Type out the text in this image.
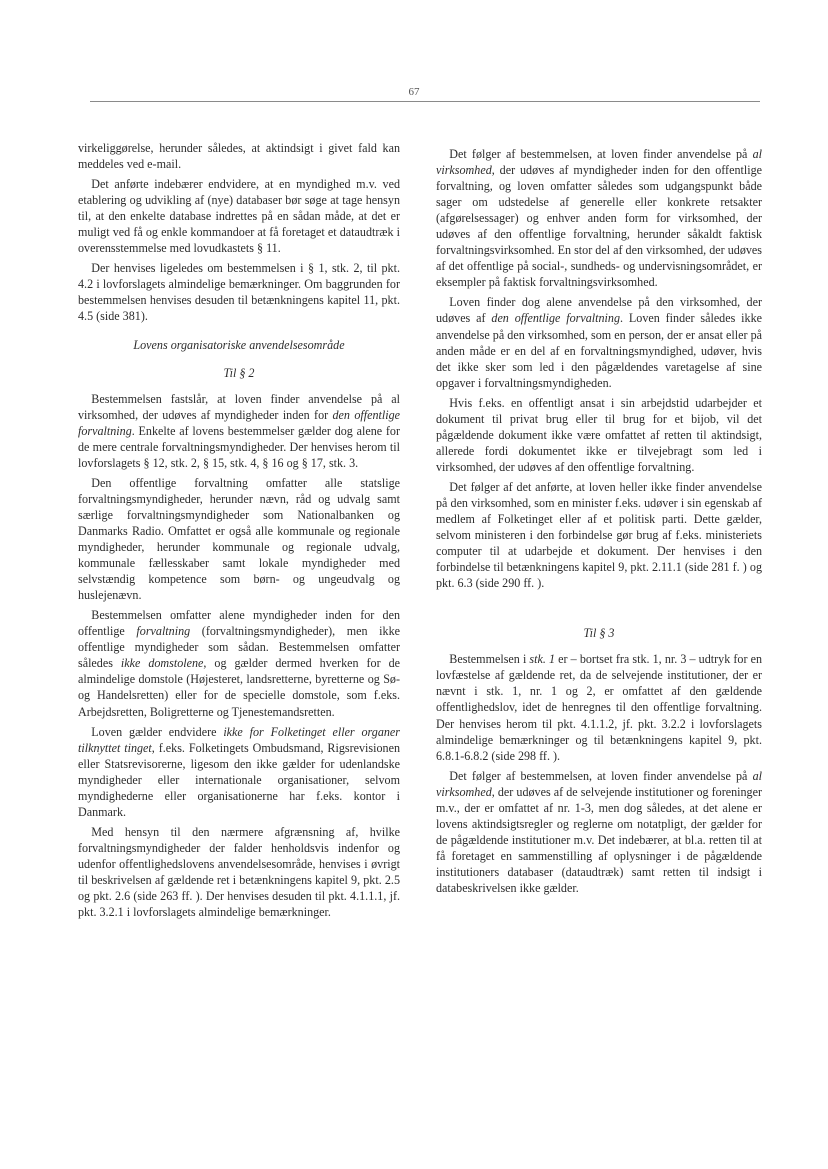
67

virkeliggørelse, herunder således, at aktindsigt i givet fald kan meddeles ved e-mail.

Det anførte indebærer endvidere, at en myndighed m.v. ved etablering og udvikling af (nye) databaser bør søge at tage hensyn til, at den enkelte database indrettes på en sådan måde, at det er muligt ved få og enkle kommandoer at få foretaget et dataudtræk i overensstemmelse med lovudkastets § 11.

Der henvises ligeledes om bestemmelsen i § 1, stk. 2, til pkt. 4.2 i lovforslagets almindelige bemærkninger. Om baggrunden for bestemmelsen henvises desuden til betænkningens kapitel 11, pkt. 4.5 (side 381).

Lovens organisatoriske anvendelsesområde

Til § 2

Bestemmelsen fastslår, at loven finder anvendelse på al virksomhed, der udøves af myndigheder inden for den offentlige forvaltning. Enkelte af lovens bestemmelser gælder dog alene for de mere centrale forvaltningsmyndigheder. Der henvises herom til lovforslagets § 12, stk. 2, § 15, stk. 4, § 16 og § 17, stk. 3.

Den offentlige forvaltning omfatter alle statslige forvaltningsmyndigheder, herunder nævn, råd og udvalg samt særlige forvaltningsmyndigheder som Nationalbanken og Danmarks Radio. Omfattet er også alle kommunale og regionale myndigheder, herunder kommunale og regionale udvalg, kommunale fællesskaber samt lokale myndigheder med selvstændig kompetence som børn- og ungeudvalg og huslejenævn.

Bestemmelsen omfatter alene myndigheder inden for den offentlige forvaltning (forvaltningsmyndigheder), men ikke offentlige myndigheder som sådan. Bestemmelsen omfatter således ikke domstolene, og gælder dermed hverken for de almindelige domstole (Højesteret, landsretterne, byretterne og Sø- og Handelsretten) eller for de specielle domstole, som f.eks. Arbejdsretten, Boligretterne og Tjenestemandsretten.

Loven gælder endvidere ikke for Folketinget eller organer tilknyttet tinget, f.eks. Folketingets Ombudsmand, Rigsrevisionen eller Statsrevisorerne, ligesom den ikke gælder for udenlandske myndigheder eller internationale organisationer, selvom myndighederne eller organisationerne har f.eks. kontor i Danmark.

Med hensyn til den nærmere afgrænsning af, hvilke forvaltningsmyndigheder der falder henholdsvis indenfor og udenfor offentlighedslovens anvendelsesområde, henvises i øvrigt til beskrivelsen af gældende ret i betænkningens kapitel 9, pkt. 2.5 og pkt. 2.6 (side 263 ff. ). Der henvises desuden til pkt. 4.1.1.1, jf. pkt. 3.2.1 i lovforslagets almindelige bemærkninger.

Det følger af bestemmelsen, at loven finder anvendelse på al virksomhed, der udøves af myndigheder inden for den offentlige forvaltning, og loven omfatter således som udgangspunkt både sager om udstedelse af generelle eller konkrete retsakter (afgørelsessager) og enhver anden form for virksomhed, der udøves af den offentlige forvaltning, herunder såkaldt faktisk forvaltningsvirksomhed. En stor del af den virksomhed, der udøves af det offentlige på social-, sundheds- og undervisningsområdet, er eksempler på faktisk forvaltningsvirksomhed.

Loven finder dog alene anvendelse på den virksomhed, der udøves af den offentlige forvaltning. Loven finder således ikke anvendelse på den virksomhed, som en person, der er ansat eller på anden måde er en del af en forvaltningsmyndighed, udøver, hvis det ikke sker som led i den pågældendes varetagelse af sine opgaver i forvaltningsmyndigheden.

Hvis f.eks. en offentligt ansat i sin arbejdstid udarbejder et dokument til privat brug eller til brug for et bijob, vil det pågældende dokument ikke være omfattet af retten til aktindsigt, allerede fordi dokumentet ikke er tilvejebragt som led i virksomhed, der udøves af den offentlige forvaltning.

Det følger af det anførte, at loven heller ikke finder anvendelse på den virksomhed, som en minister f.eks. udøver i sin egenskab af medlem af Folketinget eller af et politisk parti. Dette gælder, selvom ministeren i den forbindelse gør brug af f.eks. ministeriets computer til at udarbejde et dokument. Der henvises i den forbindelse til betænkningens kapitel 9, pkt. 2.11.1 (side 281 f. ) og pkt. 6.3 (side 290 ff. ).

Til § 3

Bestemmelsen i stk. 1 er – bortset fra stk. 1, nr. 3 – udtryk for en lovfæstelse af gældende ret, da de selvejende institutioner, der er nævnt i stk. 1, nr. 1 og 2, er omfattet af den gældende offentlighedslov, idet de henregnes til den offentlige forvaltning. Der henvises herom til pkt. 4.1.1.2, jf. pkt. 3.2.2 i lovforslagets almindelige bemærkninger og til betænkningens kapitel 9, pkt. 6.8.1-6.8.2 (side 298 ff. ).

Det følger af bestemmelsen, at loven finder anvendelse på al virksomhed, der udøves af de selvejende institutioner og foreninger m.v., der er omfattet af nr. 1-3, men dog således, at det alene er lovens aktindsigtsregler og reglerne om notatpligt, der gælder for de pågældende institutioner m.v. Det indebærer, at bl.a. retten til at få foretaget en sammenstilling af oplysninger i de pågældende institutioners databaser (dataudtræk) samt retten til indsigt i databeskrivelsen ikke gælder.
